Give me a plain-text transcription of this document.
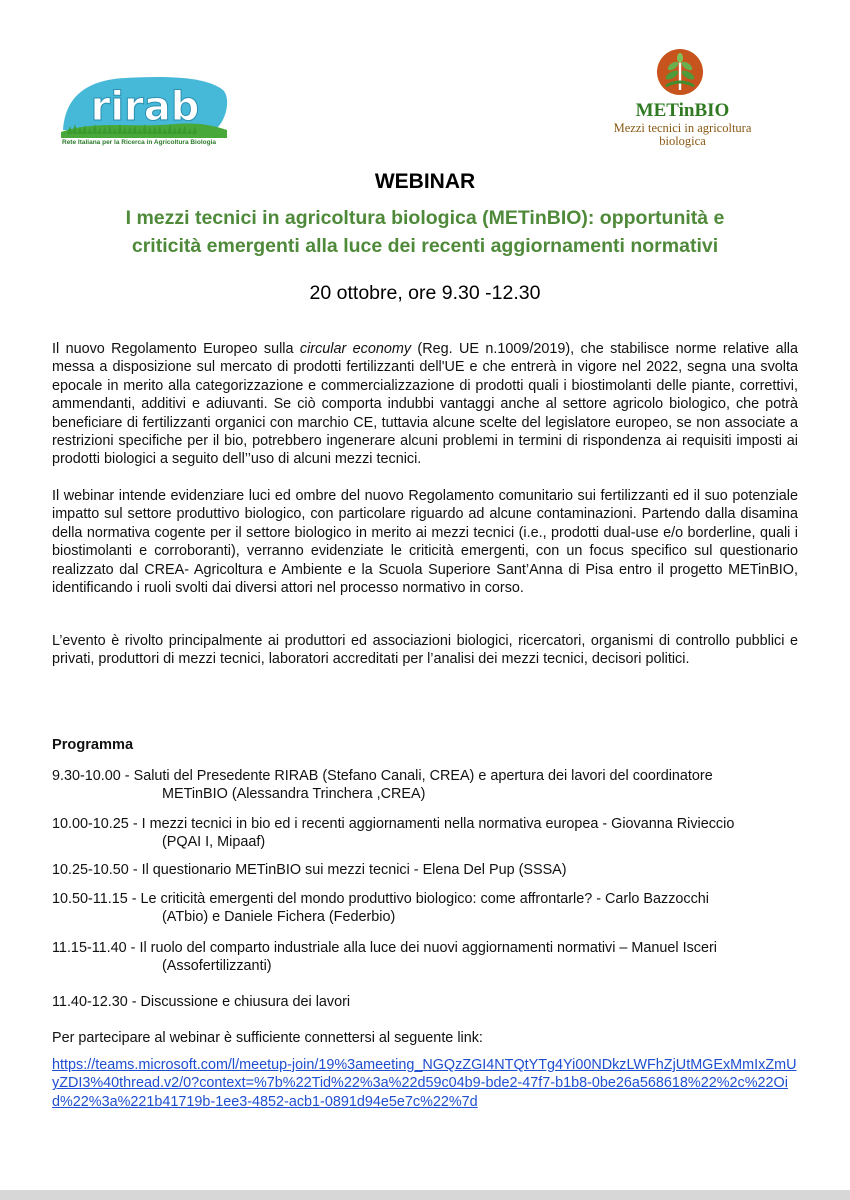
rirab
Rete Italiana per la Ricerca in Agricoltura Biologia
METinBIO
Mezzi tecnici in agricoltura
biologica
WEBINAR
I mezzi tecnici in agricoltura biologica (METinBIO): opportunità e
criticità emergenti alla luce dei recenti aggiornamenti normativi
20 ottobre, ore 9.30 -12.30

Il nuovo Regolamento Europeo sulla circular economy (Reg. UE n.1009/2019), che stabilisce norme relative alla messa a disposizione sul mercato di prodotti fertilizzanti dell'UE e che entrerà in vigore nel 2022, segna una svolta epocale in merito alla categorizzazione e commercializzazione di prodotti quali i biostimolanti delle piante, correttivi, ammendanti, additivi e adiuvanti. Se ciò comporta indubbi vantaggi anche al settore agricolo biologico, che potrà beneficiare di fertilizzanti organici con marchio CE, tuttavia alcune scelte del legislatore europeo, se non associate a restrizioni specifiche per il bio, potrebbero ingenerare alcuni problemi in termini di rispondenza ai requisiti imposti ai prodotti biologici a seguito dell’’uso di alcuni mezzi tecnici.

Il webinar intende evidenziare luci ed ombre del nuovo Regolamento comunitario sui fertilizzanti ed il suo potenziale impatto sul settore produttivo biologico, con particolare riguardo ad alcune contaminazioni. Partendo dalla disamina della normativa cogente per il settore biologico in merito ai mezzi tecnici (i.e., prodotti dual-use e/o borderline, quali i biostimolanti e corroboranti), verranno evidenziate le criticità emergenti, con un focus specifico sul questionario realizzato dal CREA- Agricoltura e Ambiente e la Scuola Superiore Sant’Anna di Pisa entro il progetto METinBIO, identificando i ruoli svolti dai diversi attori nel processo normativo in corso.

L’evento è rivolto principalmente ai produttori ed associazioni biologici, ricercatori, organismi di controllo pubblici e privati, produttori di mezzi tecnici, laboratori accreditati per l’analisi dei mezzi tecnici, decisori politici.

Programma
9.30-10.00 - Saluti del Presedente RIRAB (Stefano Canali, CREA) e apertura dei lavori del coordinatore
METinBIO (Alessandra Trinchera ,CREA)
10.00-10.25 - I mezzi tecnici in bio ed i recenti aggiornamenti nella normativa europea - Giovanna Rivieccio
(PQAI I, Mipaaf)
10.25-10.50 - Il questionario METinBIO sui mezzi tecnici - Elena Del Pup (SSSA)
10.50-11.15 - Le criticità emergenti del mondo produttivo biologico: come affrontarle? - Carlo Bazzocchi
(ATbio) e Daniele Fichera (Federbio)
11.15-11.40 - Il ruolo del comparto industriale alla luce dei nuovi aggiornamenti normativi – Manuel Isceri
(Assofertilizzanti)
11.40-12.30 - Discussione e chiusura dei lavori
Per partecipare al webinar è sufficiente connettersi al seguente link:
https://teams.microsoft.com/l/meetup-join/19%3ameeting_NGQzZGI4NTQtYTg4Yi00NDkzLWFhZjUtMGExMmIxZmUyZDI3%40thread.v2/0?context=%7b%22Tid%22%3a%22d59c04b9-bde2-47f7-b1b8-0be26a568618%22%2c%22Oid%22%3a%221b41719b-1ee3-4852-acb1-0891d94e5e7c%22%7d
